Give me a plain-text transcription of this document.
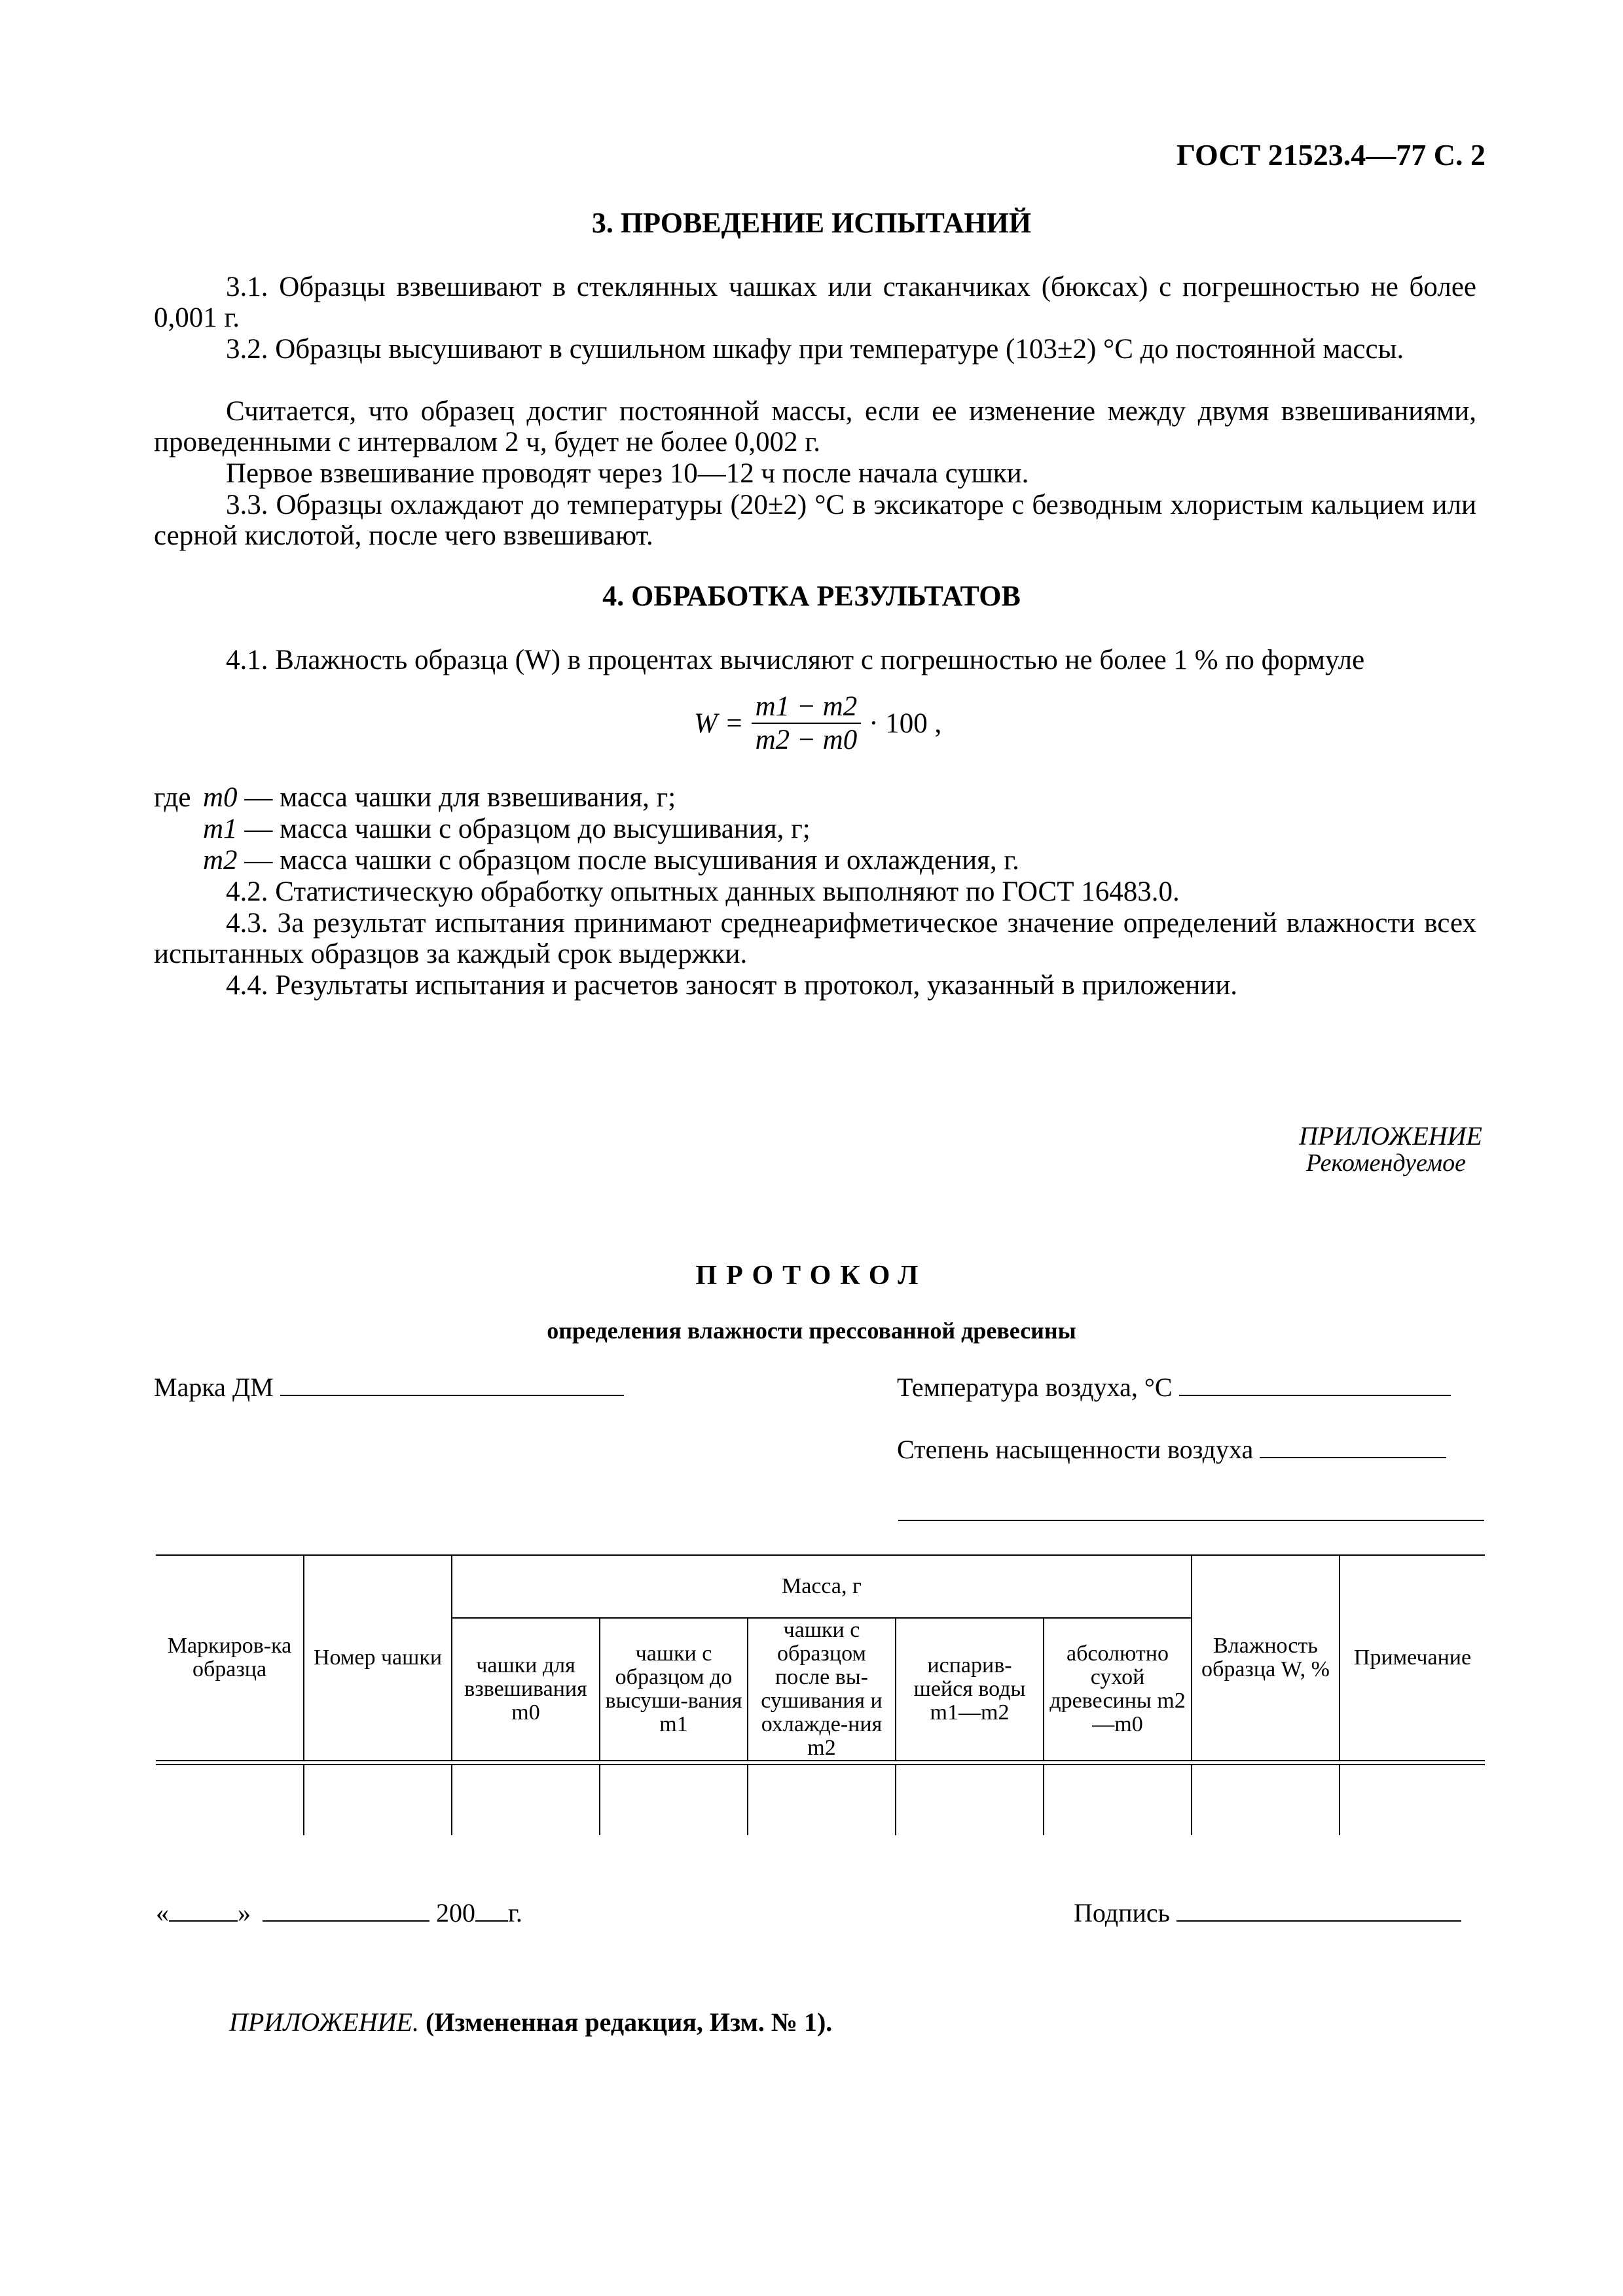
ГОСТ 21523.4—77 С. 2
3. ПРОВЕДЕНИЕ ИСПЫТАНИЙ
3.1. Образцы взвешивают в стеклянных чашках или стаканчиках (бюксах) с погрешностью не более 0,001 г.
3.2. Образцы высушивают в сушильном шкафу при температуре (103±2) °С до постоянной массы.
Считается, что образец достиг постоянной массы, если ее изменение между двумя взвешиваниями, проведенными с интервалом 2 ч, будет не более 0,002 г.
Первое взвешивание проводят через 10—12 ч после начала сушки.
3.3. Образцы охлаждают до температуры (20±2) °С в эксикаторе с безводным хлористым кальцием или серной кислотой, после чего взвешивают.
4. ОБРАБОТКА РЕЗУЛЬТАТОВ
4.1. Влажность образца (W) в процентах вычисляют с погрешностью не более 1 % по формуле
$W = \frac{m1 - m2}{m2 - m0} \cdot 100$ ,
где m0 — масса чашки для взвешивания, г;
m1 — масса чашки с образцом до высушивания, г;
m2 — масса чашки с образцом после высушивания и охлаждения, г.
4.2. Статистическую обработку опытных данных выполняют по ГОСТ 16483.0.
4.3. За результат испытания принимают среднеарифметическое значение определений влажности всех испытанных образцов за каждый срок выдержки.
4.4. Результаты испытания и расчетов заносят в протокол, указанный в приложении.
ПРИЛОЖЕНИЕ
Рекомендуемое
ПРОТОКОЛ
определения влажности прессованной древесины
Марка ДМ	Температура воздуха, °С
Степень насыщенности воздуха
Маркиров-ка образца	Номер чашки	Масса, г					Влажность образца W, %	Примечание
		чашки для взвешивания m0	чашки с образцом до высуши-вания m1	чашки с образцом после вы-сушивания и охлажде-ния m2	испарив-шейся воды m1—m2	абсолютно сухой древесины m2—m0		

«	»	200 г.	Подпись
ПРИЛОЖЕНИЕ. (Измененная редакция, Изм. № 1).
